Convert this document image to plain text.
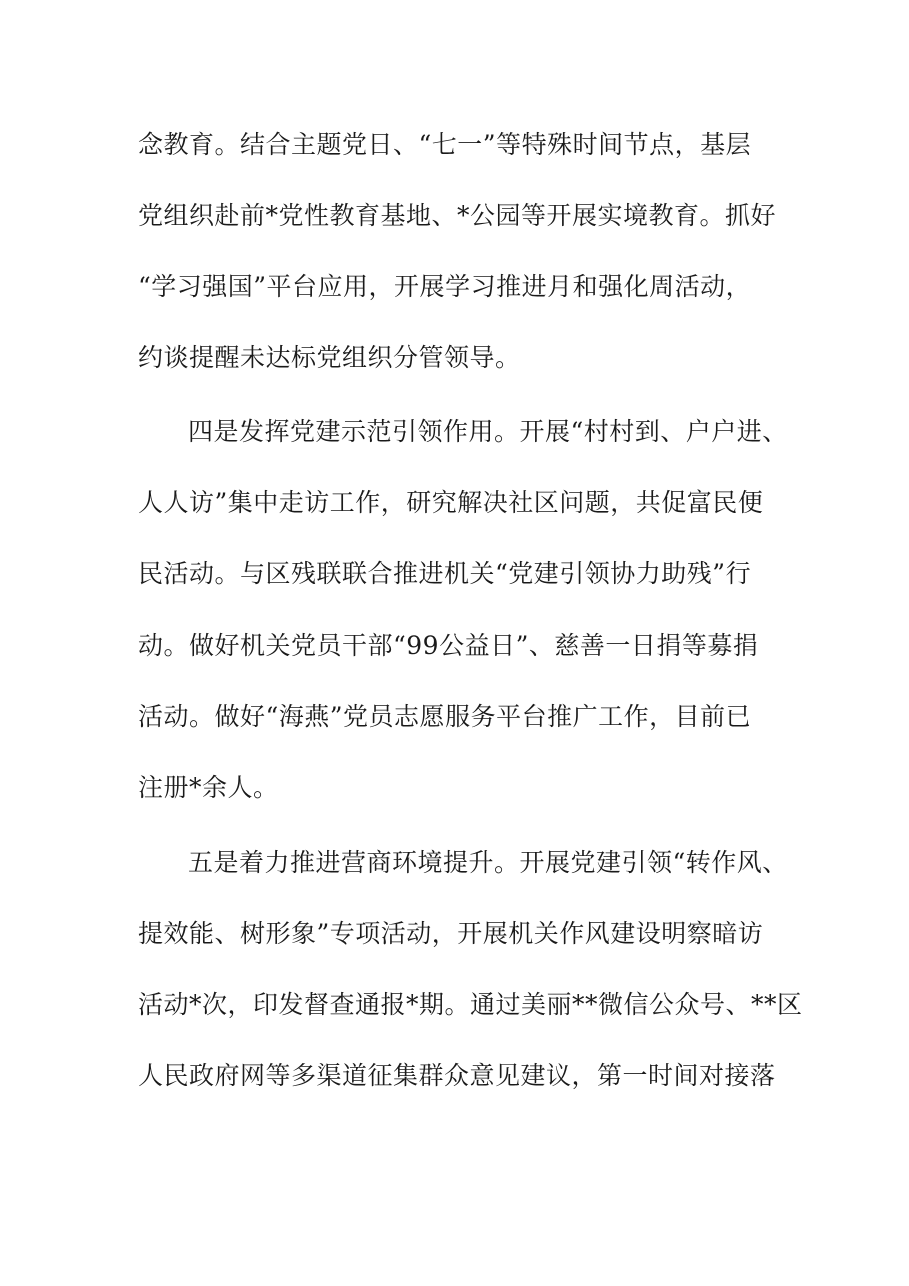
念教育。结合主题党日、“七一”等特殊时间节点，基层
党组织赴前*党性教育基地、*公园等开展实境教育。抓好
“学习强国”平台应用，开展学习推进月和强化周活动，
约谈提醒未达标党组织分管领导。
四是发挥党建示范引领作用。开展“村村到、户户进、
人人访”集中走访工作，研究解决社区问题，共促富民便
民活动。与区残联联合推进机关“党建引领协力助残”行
动。做好机关党员干部“99公益日”、慈善一日捐等募捐
活动。做好“海燕”党员志愿服务平台推广工作，目前已
注册*余人。
五是着力推进营商环境提升。开展党建引领“转作风、
提效能、树形象”专项活动，开展机关作风建设明察暗访
活动*次，印发督查通报*期。通过美丽**微信公众号、**区
人民政府网等多渠道征集群众意见建议，第一时间对接落
